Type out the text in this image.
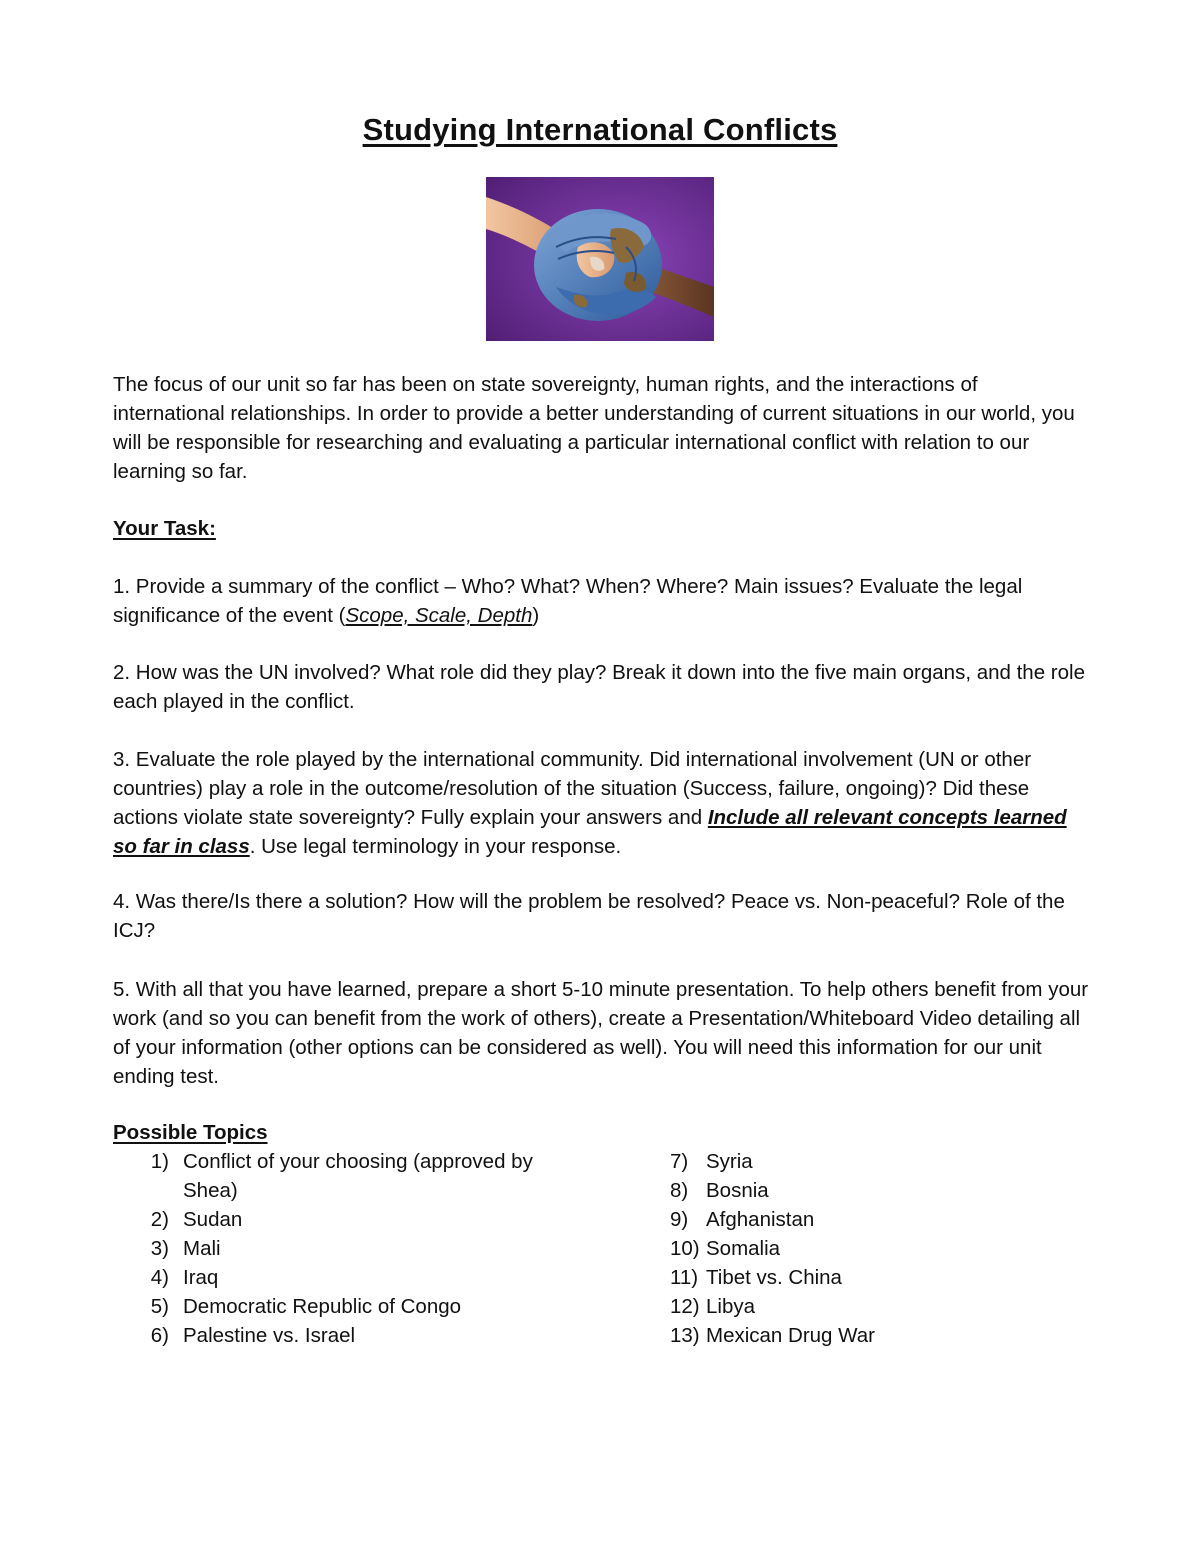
Studying International Conflicts

The focus of our unit so far has been on state sovereignty, human rights, and the interactions of international relationships. In order to provide a better understanding of current situations in our world, you will be responsible for researching and evaluating a particular international conflict with relation to our learning so far.

Your Task:

1. Provide a summary of the conflict – Who? What? When? Where? Main issues? Evaluate the legal significance of the event (Scope, Scale, Depth)

2. How was the UN involved? What role did they play? Break it down into the five main organs, and the role each played in the conflict.

3. Evaluate the role played by the international community. Did international involvement (UN or other countries) play a role in the outcome/resolution of the situation (Success, failure, ongoing)? Did these actions violate state sovereignty? Fully explain your answers and Include all relevant concepts learned so far in class. Use legal terminology in your response.

4. Was there/Is there a solution? How will the problem be resolved? Peace vs. Non-peaceful? Role of the ICJ?

5. With all that you have learned, prepare a short 5-10 minute presentation. To help others benefit from your work (and so you can benefit from the work of others), create a Presentation/Whiteboard Video detailing all of your information (other options can be considered as well). You will need this information for our unit ending test.

Possible Topics

1) Conflict of your choosing (approved by
Shea)
2) Sudan
3) Mali
4) Iraq
5) Democratic Republic of Congo
6) Palestine vs. Israel
7) Syria
8) Bosnia
9) Afghanistan
10) Somalia
11) Tibet vs. China
12) Libya
13) Mexican Drug War
